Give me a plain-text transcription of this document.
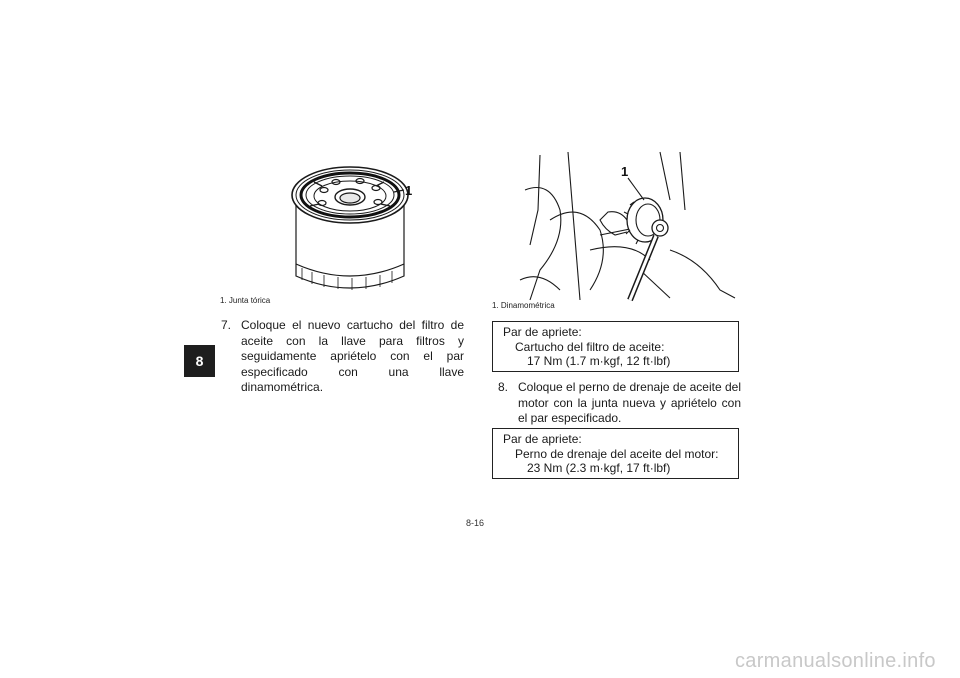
8
1
1. Junta tórica
1
1. Dinamométrica
7. Coloque el nuevo cartucho del filtro de aceite con la llave para filtros y seguidamente apriételo con el par especificado con una llave dinamométrica.
Par de apriete:
Cartucho del filtro de aceite:
17 Nm (1.7 m·kgf, 12 ft·lbf)
8. Coloque el perno de drenaje de aceite del motor con la junta nueva y apriételo con el par especificado.
Par de apriete:
Perno de drenaje del aceite del motor:
23 Nm (2.3 m·kgf, 17 ft·lbf)
8-16
carmanualsonline.info
